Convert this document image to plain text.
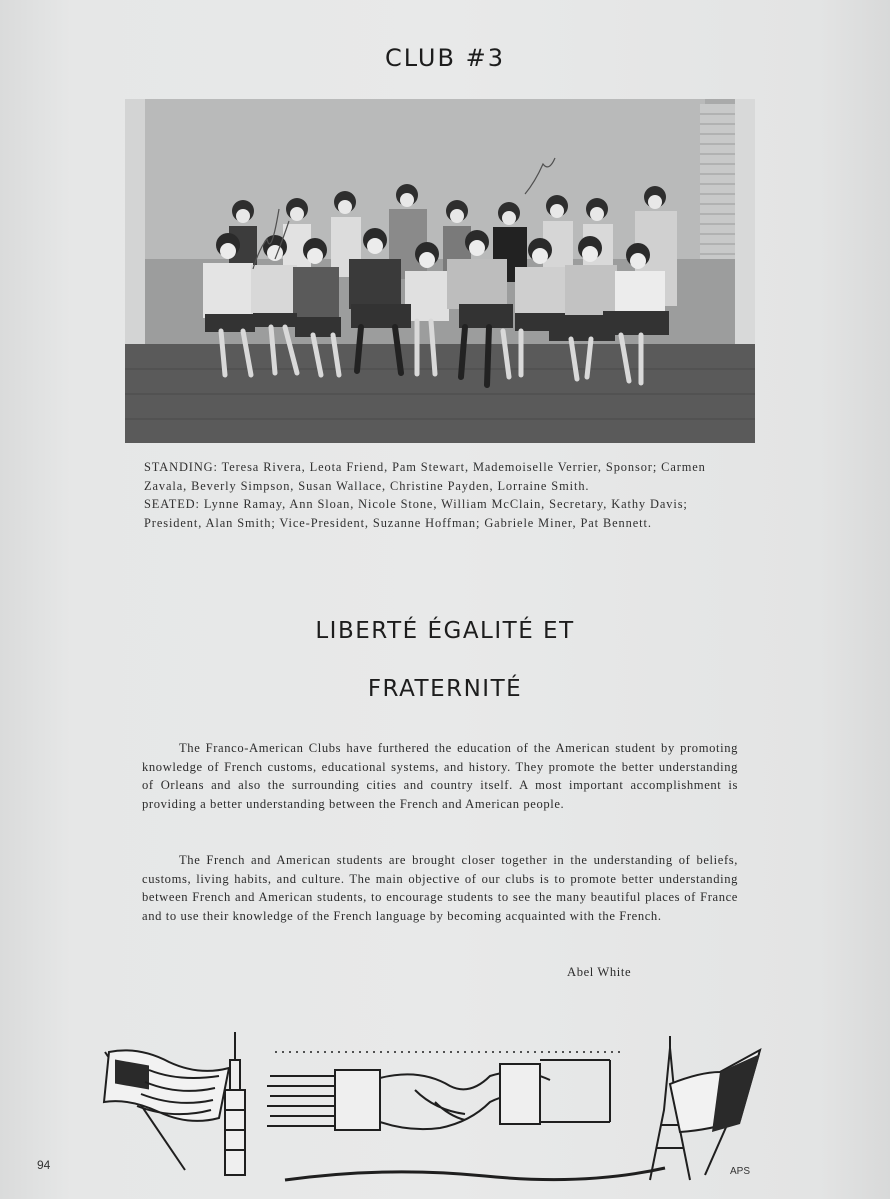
CLUB #3

STANDING: Teresa Rivera, Leota Friend, Pam Stewart, Mademoiselle Verrier, Sponsor; Carmen Zavala, Beverly Simpson, Susan Wallace, Christine Payden, Lorraine Smith.

SEATED: Lynne Ramay, Ann Sloan, Nicole Stone, William McClain, Secretary, Kathy Davis; President, Alan Smith; Vice-President, Suzanne Hoffman; Gabriele Miner, Pat Bennett.

LIBERTÉ ÉGALITÉ ET
FRATERNITÉ

The Franco-American Clubs have furthered the education of the American student by promoting knowledge of French customs, educational systems, and history. They promote the better understanding of Orleans and also the surrounding cities and country itself. A most important accomplishment is providing a better understanding between the French and American people.

The French and American students are brought closer together in the understanding of beliefs, customs, living habits, and culture. The main objective of our clubs is to promote better understanding between French and American students, to encourage students to see the many beautiful places of France and to use their knowledge of the French language by becoming acquainted with the French.

Abel White
94	APS
